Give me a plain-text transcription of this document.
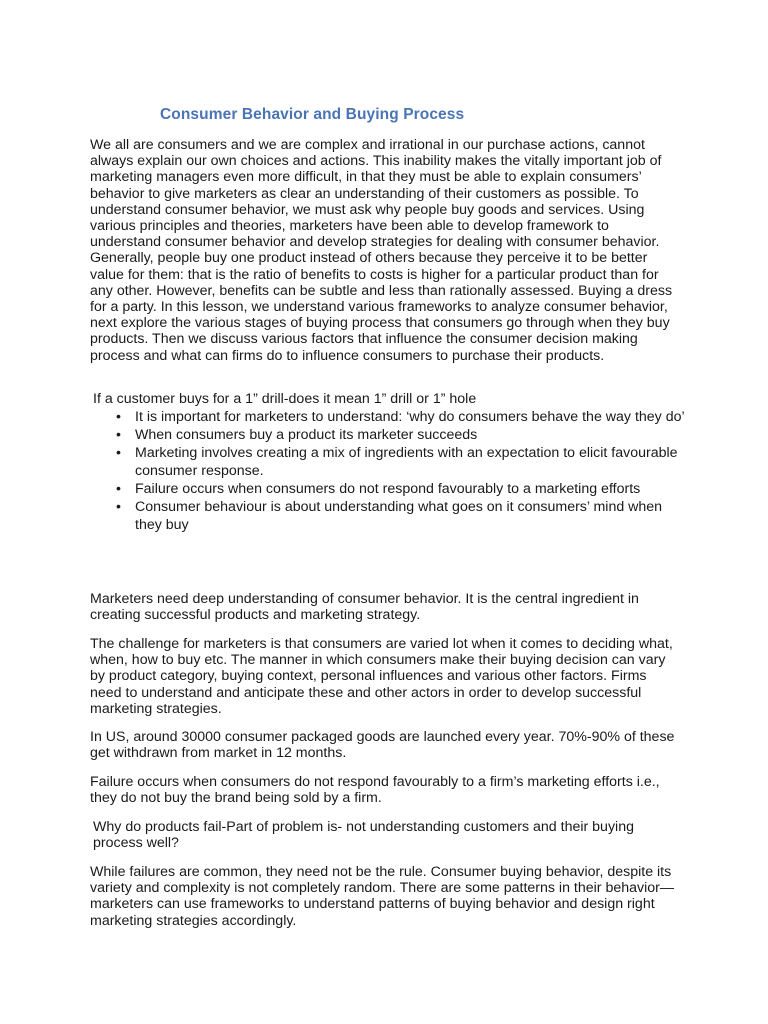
Consumer Behavior and Buying Process

We all are consumers and we are complex and irrational in our purchase actions, cannot always explain our own choices and actions. This inability makes the vitally important job of marketing managers even more difficult, in that they must be able to explain consumers’ behavior to give marketers as clear an understanding of their customers as possible. To understand consumer behavior, we must ask why people buy goods and services. Using various principles and theories, marketers have been able to develop framework to understand consumer behavior and develop strategies for dealing with consumer behavior. Generally, people buy one product instead of others because they perceive it to be better value for them: that is the ratio of benefits to costs is higher for a particular product than for any other. However, benefits can be subtle and less than rationally assessed. Buying a dress for a party. In this lesson, we understand various frameworks to analyze consumer behavior, next explore the various stages of buying process that consumers go through when they buy products. Then we discuss various factors that influence the consumer decision making process and what can firms do to influence consumers to purchase their products.

If a customer buys for a 1” drill-does it mean 1” drill or 1” hole

• It is important for marketers to understand: ‘why do consumers behave the way they do’
• When consumers buy a product its marketer succeeds
• Marketing involves creating a mix of ingredients with an expectation to elicit favourable consumer response.
• Failure occurs when consumers do not respond favourably to a marketing efforts
• Consumer behaviour is about understanding what goes on it consumers’ mind when they buy

Marketers need deep understanding of consumer behavior. It is the central ingredient in creating successful products and marketing strategy.

The challenge for marketers is that consumers are varied lot when it comes to deciding what, when, how to buy etc. The manner in which consumers make their buying decision can vary by product category, buying context, personal influences and various other factors. Firms need to understand and anticipate these and other actors in order to develop successful marketing strategies.

In US, around 30000 consumer packaged goods are launched every year. 70%-90% of these get withdrawn from market in 12 months.

Failure occurs when consumers do not respond favourably to a firm’s marketing efforts i.e., they do not buy the brand being sold by a firm.

Why do products fail-Part of problem is- not understanding customers and their buying process well?

While failures are common, they need not be the rule. Consumer buying behavior, despite its variety and complexity is not completely random. There are some patterns in their behavior—marketers can use frameworks to understand patterns of buying behavior and design right marketing strategies accordingly.
